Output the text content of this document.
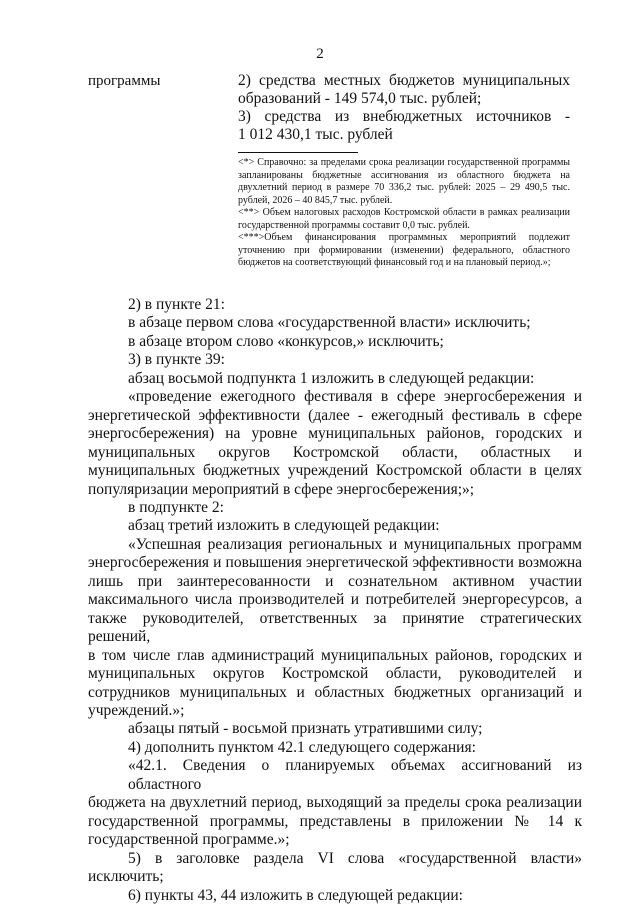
2
программы	2) средства местных бюджетов муниципальных
образований - 149 574,0 тыс. рублей;
3) средства из внебюджетных источников -
1 012 430,1 тыс. рублей

<*> Справочно: за пределами срока реализации государственной программы запланированы бюджетные ассигнования из областного бюджета на двухлетний период в размере 70 336,2 тыс. рублей: 2025 – 29 490,5 тыс. рублей, 2026 – 40 845,7 тыс. рублей.

<**> Объем налоговых расходов Костромской области в рамках реализации государственной программы составит 0,0 тыс. рублей.

<***>Объем финансирования программных мероприятий подлежит уточнению при формировании (изменении) федерального, областного бюджетов на соответствующий финансовый год и на плановый период.»;

2) в пункте 21:
в абзаце первом слова «государственной власти» исключить;
в абзаце втором слово «конкурсов,» исключить;
3) в пункте 39:
абзац восьмой подпункта 1 изложить в следующей редакции:
«проведение ежегодного фестиваля в сфере энергосбережения и
энергетической эффективности (далее - ежегодный фестиваль в сфере
энергосбережения) на уровне муниципальных районов, городских и
муниципальных округов Костромской области, областных и
муниципальных бюджетных учреждений Костромской области в целях
популяризации мероприятий в сфере энергосбережения;»;
в подпункте 2:
абзац третий изложить в следующей редакции:
«Успешная реализация региональных и муниципальных программ
энергосбережения и повышения энергетической эффективности возможна
лишь при заинтересованности и сознательном активном участии
максимального числа производителей и потребителей энергоресурсов, а
также руководителей, ответственных за принятие стратегических решений,
в том числе глав администраций муниципальных районов, городских и
муниципальных округов Костромской области, руководителей и
сотрудников муниципальных и областных бюджетных организаций и
учреждений.»;
абзацы пятый - восьмой признать утратившими силу;
4) дополнить пунктом 42.1 следующего содержания:
«42.1. Сведения о планируемых объемах ассигнований из областного
бюджета на двухлетний период, выходящий за пределы срока реализации
государственной программы, представлены в приложении № 14 к
государственной программе.»;
5) в заголовке раздела VI слова «государственной власти»
исключить;
6) пункты 43, 44 изложить в следующей редакции:
